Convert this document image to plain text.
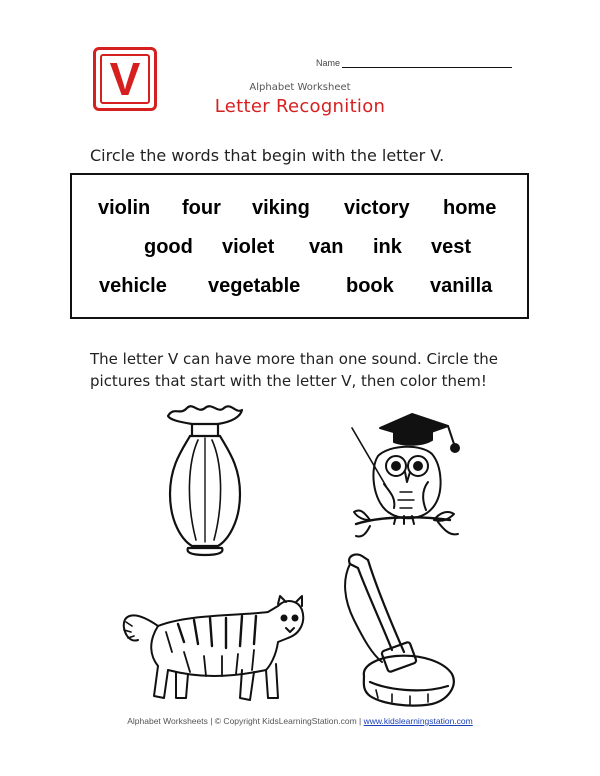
V	Name
Alphabet Worksheet
Letter Recognition
Circle the words that begin with the letter V.
violin four viking victory home
good violet van ink vest
vehicle vegetable book vanilla
The letter V can have more than one sound. Circle the pictures that start with the letter V, then color them!
Alphabet Worksheets | © Copyright KidsLearningStation.com | www.kidslearningstation.com
